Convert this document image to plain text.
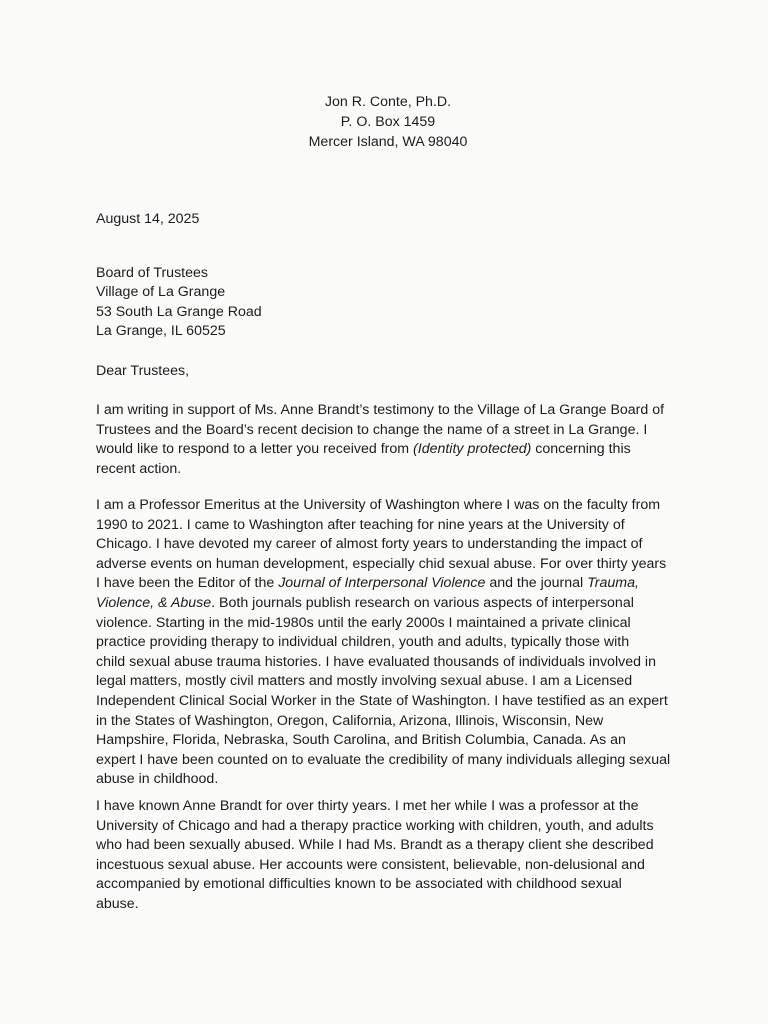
Jon R. Conte, Ph.D.
P. O. Box 1459
Mercer Island, WA 98040
August 14, 2025
Board of Trustees
Village of La Grange
53 South La Grange Road
La Grange, IL 60525
Dear Trustees,
I am writing in support of Ms. Anne Brandt’s testimony to the Village of La Grange Board of
Trustees and the Board’s recent decision to change the name of a street in La Grange. I
would like to respond to a letter you received from (Identity protected) concerning this
recent action.
I am a Professor Emeritus at the University of Washington where I was on the faculty from
1990 to 2021. I came to Washington after teaching for nine years at the University of
Chicago. I have devoted my career of almost forty years to understanding the impact of
adverse events on human development, especially chid sexual abuse. For over thirty years
I have been the Editor of the Journal of Interpersonal Violence and the journal Trauma,
Violence, & Abuse. Both journals publish research on various aspects of interpersonal
violence. Starting in the mid-1980s until the early 2000s I maintained a private clinical
practice providing therapy to individual children, youth and adults, typically those with
child sexual abuse trauma histories. I have evaluated thousands of individuals involved in
legal matters, mostly civil matters and mostly involving sexual abuse. I am a Licensed
Independent Clinical Social Worker in the State of Washington. I have testified as an expert
in the States of Washington, Oregon, California, Arizona, Illinois, Wisconsin, New
Hampshire, Florida, Nebraska, South Carolina, and British Columbia, Canada. As an
expert I have been counted on to evaluate the credibility of many individuals alleging sexual
abuse in childhood.
I have known Anne Brandt for over thirty years. I met her while I was a professor at the
University of Chicago and had a therapy practice working with children, youth, and adults
who had been sexually abused. While I had Ms. Brandt as a therapy client she described
incestuous sexual abuse. Her accounts were consistent, believable, non-delusional and
accompanied by emotional difficulties known to be associated with childhood sexual
abuse.
